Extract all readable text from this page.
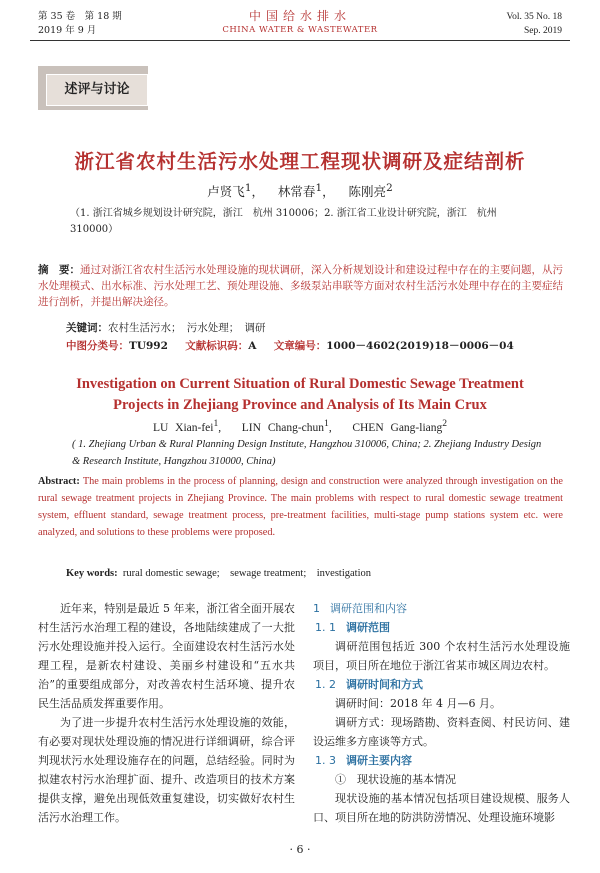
第 35 卷　第 18 期
2019 年 9 月
中国给水排水
CHINA WATER & WASTEWATER
Vol. 35 No. 18
Sep. 2019
述评与讨论
浙江省农村生活污水处理工程现状调研及症结剖析
卢贤飞$^1$， 林常春$^1$， 陈刚亮$^2$
（1. 浙江省城乡规划设计研究院，浙江　杭州 310006；2. 浙江省工业设计研究院，浙江　杭州 310000）
摘　要：通过对浙江省农村生活污水处理设施的现状调研，深入分析规划设计和建设过程中存在的主要问题，从污水处理模式、出水标准、污水处理工艺、预处理设施、多级泵站串联等方面对农村生活污水处理中存在的主要症结进行剖析，并提出解决途径。
关键词：农村生活污水；　污水处理；　调研
中图分类号：TU992 文献标识码：A 文章编号：1000－4602(2019)18－0006－04
Investigation on Current Situation of Rural Domestic Sewage Treatment Projects in Zhejiang Province and Analysis of Its Main Crux
LU Xian-fei$^1$,   LIN Chang-chun$^1$,   CHEN Gang-liang$^2$
( 1. Zhejiang Urban & Rural Planning Design Institute, Hangzhou 310006, China; 2. Zhejiang Industry Design & Research Institute, Hangzhou 310000, China)
Abstract: The main problems in the process of planning, design and construction were analyzed through investigation on the rural sewage treatment projects in Zhejiang Province. The main problems with respect to rural domestic sewage treatment system, effluent standard, sewage treatment process, pre-treatment facilities, multi-stage pump stations system etc. were analyzed, and solutions to these problems were proposed.
Key words: rural domestic sewage;　sewage treatment;　investigation

近年来，特别是最近 5 年来，浙江省全面开展农村生活污水治理工程的建设，各地陆续建成了一大批污水处理设施并投入运行。全面建设农村生活污水处理工程，是新农村建设、美丽乡村建设和“五水共治”的重要组成部分，对改善农村生活环境、提升农民生活品质发挥重要作用。

为了进一步提升农村生活污水处理设施的效能，有必要对现状处理设施的情况进行详细调研，综合评判现状污水处理设施存在的问题，总结经验。同时为拟建农村污水治理扩面、提升、改造项目的技术方案提供支撑，避免出现低效重复建设，切实做好农村生活污水治理工作。

1 调研范围和内容

1. 1 调研范围

调研范围包括近 300 个农村生活污水处理设施项目，项目所在地位于浙江省某市城区周边农村。

1. 2 调研时间和方式

调研时间：2018 年 4 月—6 月。

调研方式：现场踏勘、资料查阅、村民访问、建设运维多方座谈等方式。

1. 3 调研主要内容

①　现状设施的基本情况

现状设施的基本情况包括项目建设规模、服务人口、项目所在地的防洪防涝情况、处理设施环境影

· 6 ·
